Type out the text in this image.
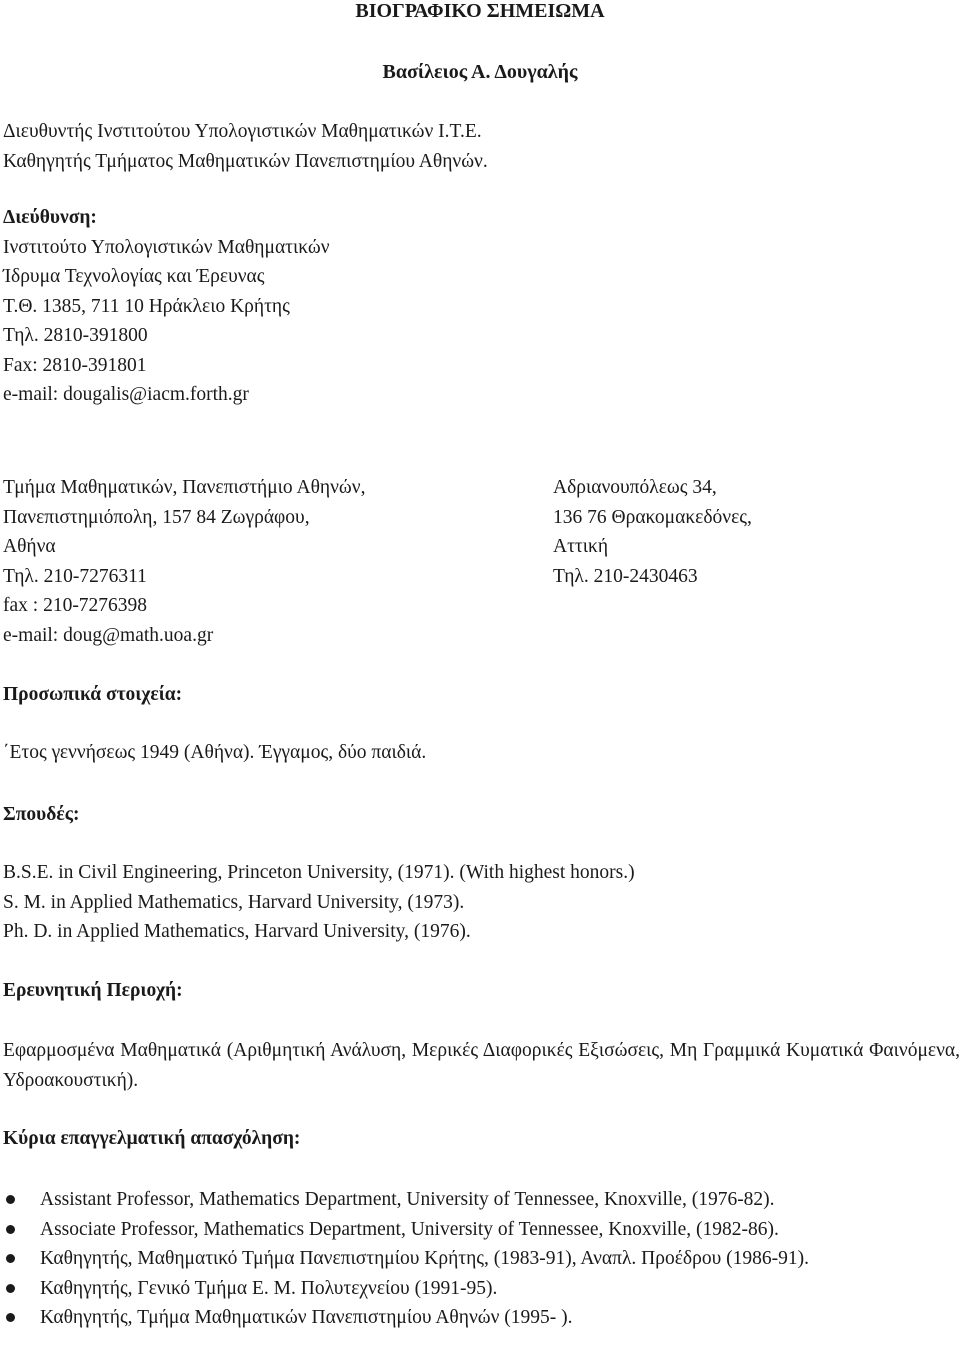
ΒΙΟΓΡΑΦΙΚΟ ΣΗΜΕΙΩΜΑ
Βασίλειος Α. Δουγαλής
Διευθυντής Ινστιτούτου Υπολογιστικών Μαθηματικών Ι.Τ.Ε.
Καθηγητής Τμήματος Μαθηματικών Πανεπιστημίου Αθηνών.
Διεύθυνση:
Ινστιτούτο Υπολογιστικών Μαθηματικών
Ίδρυμα Τεχνολογίας και Έρευνας
Τ.Θ. 1385, 711 10 Ηράκλειο Κρήτης
Τηλ. 2810-391800
Fax: 2810-391801
e-mail: dougalis@iacm.forth.gr
Τμήμα Μαθηματικών, Πανεπιστήμιο Αθηνών,
Πανεπιστημιόπολη, 157 84 Ζωγράφου,
Αθήνα
Τηλ. 210-7276311
fax : 210-7276398
e-mail: doug@math.uoa.gr
Αδριανουπόλεως 34,
136 76 Θρακομακεδόνες,
Αττική
Τηλ. 210-2430463
Προσωπικά στοιχεία:
΄Ετος γεννήσεως 1949 (Αθήνα). Έγγαμος, δύο παιδιά.
Σπουδές:
B.S.E. in Civil Engineering, Princeton University, (1971). (With highest honors.)
S. M. in Applied Mathematics, Harvard University, (1973).
Ph. D. in Applied Mathematics, Harvard University, (1976).
Ερευνητική Περιοχή:
Εφαρμοσμένα Μαθηματικά (Αριθμητική Ανάλυση, Μερικές Διαφορικές Εξισώσεις, Μη Γραμμικά Κυματικά Φαινόμενα, Υδροακουστική).
Κύρια επαγγελματική απασχόληση:
Assistant Professor, Mathematics Department, University of Tennessee, Knoxville, (1976-82).
Associate Professor, Mathematics Department, University of Tennessee, Knoxville, (1982-86).
Καθηγητής, Μαθηματικό Τμήμα Πανεπιστημίου Κρήτης, (1983-91), Αναπλ. Προέδρου (1986-91).
Καθηγητής, Γενικό Τμήμα Ε. Μ. Πολυτεχνείου (1991-95).
Καθηγητής, Τμήμα Μαθηματικών Πανεπιστημίου Αθηνών (1995- ).
